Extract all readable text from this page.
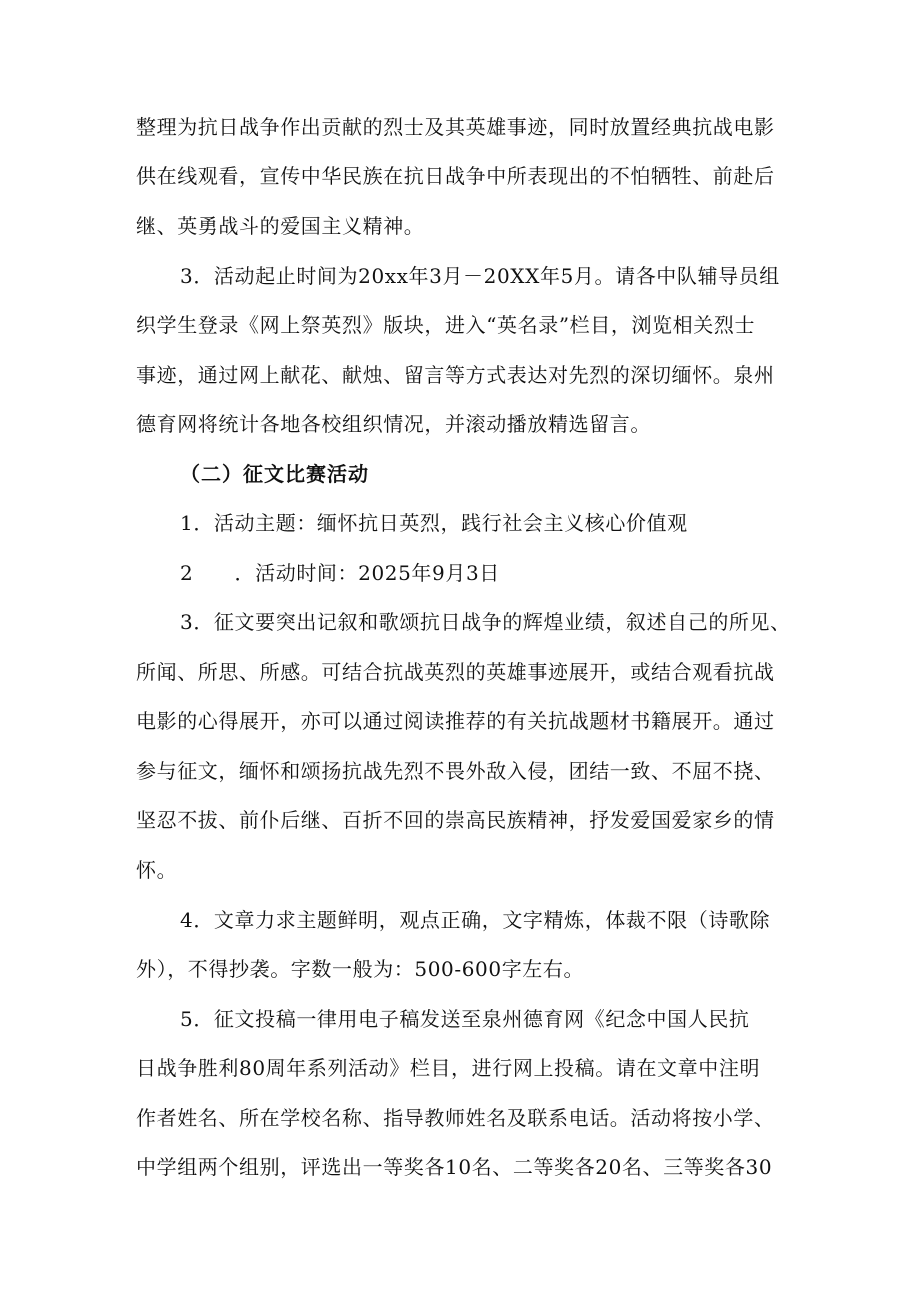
整理为抗日战争作出贡献的烈士及其英雄事迹，同时放置经典抗战电影
供在线观看，宣传中华民族在抗日战争中所表现出的不怕牺牲、前赴后
继、英勇战斗的爱国主义精神。
3．活动起止时间为20xx年3月－20XX年5月。请各中队辅导员组
织学生登录《网上祭英烈》版块，进入“英名录”栏目，浏览相关烈士
事迹，通过网上献花、献烛、留言等方式表达对先烈的深切缅怀。泉州
德育网将统计各地各校组织情况，并滚动播放精选留言。
（二）征文比赛活动
1．活动主题：缅怀抗日英烈，践行社会主义核心价值观
2　　．活动时间：2025年9月3日
3．征文要突出记叙和歌颂抗日战争的辉煌业绩，叙述自己的所见、
所闻、所思、所感。可结合抗战英烈的英雄事迹展开，或结合观看抗战
电影的心得展开，亦可以通过阅读推荐的有关抗战题材书籍展开。通过
参与征文，缅怀和颂扬抗战先烈不畏外敌入侵，团结一致、不屈不挠、
坚忍不拔、前仆后继、百折不回的崇高民族精神，抒发爱国爱家乡的情
怀。
4．文章力求主题鲜明，观点正确，文字精炼，体裁不限（诗歌除
外），不得抄袭。字数一般为：500-600字左右。
5．征文投稿一律用电子稿发送至泉州德育网《纪念中国人民抗
日战争胜利80周年系列活动》栏目，进行网上投稿。请在文章中注明
作者姓名、所在学校名称、指导教师姓名及联系电话。活动将按小学、
中学组两个组别，评选出一等奖各10名、二等奖各20名、三等奖各30
